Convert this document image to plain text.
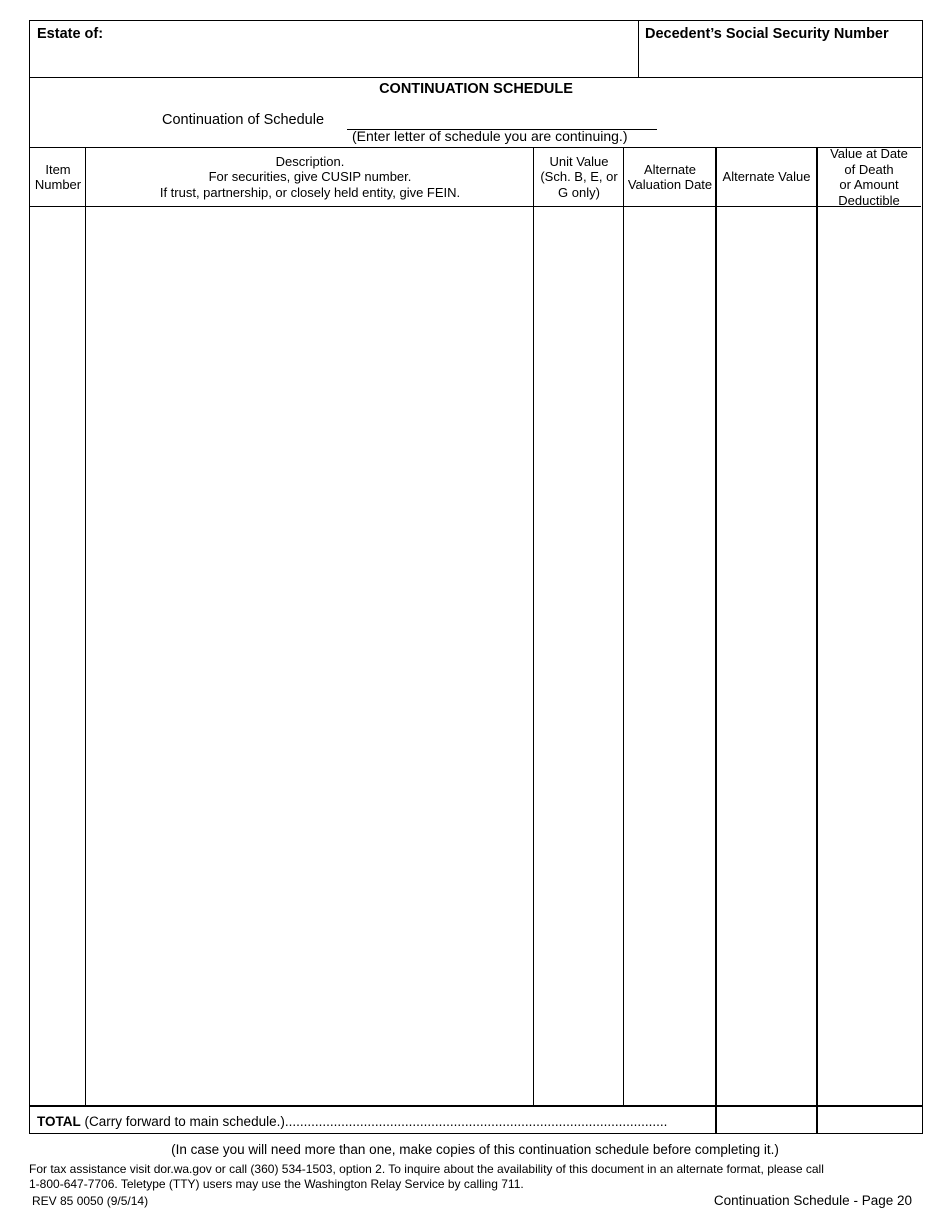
Estate of:	Decedent’s Social Security Number
CONTINUATION SCHEDULE
Continuation of Schedule
(Enter letter of schedule you are continuing.)
Item
Number
Description.
For securities, give CUSIP number.
If trust, partnership, or closely held entity, give FEIN.
Unit Value
(Sch. B, E, or
G only)
Alternate
Valuation Date
Alternate Value
Value at Date
of Death
or Amount
Deductible
TOTAL (Carry forward to main schedule.)......................................................................................................
(In case you will need more than one, make copies of this continuation schedule before completing it.)
For tax assistance visit dor.wa.gov or call (360) 534-1503, option 2. To inquire about the availability of this document in an alternate format, please call
1-800-647-7706. Teletype (TTY) users may use the Washington Relay Service by calling 711.
REV 85 0050 (9/5/14)	Continuation Schedule - Page 20
